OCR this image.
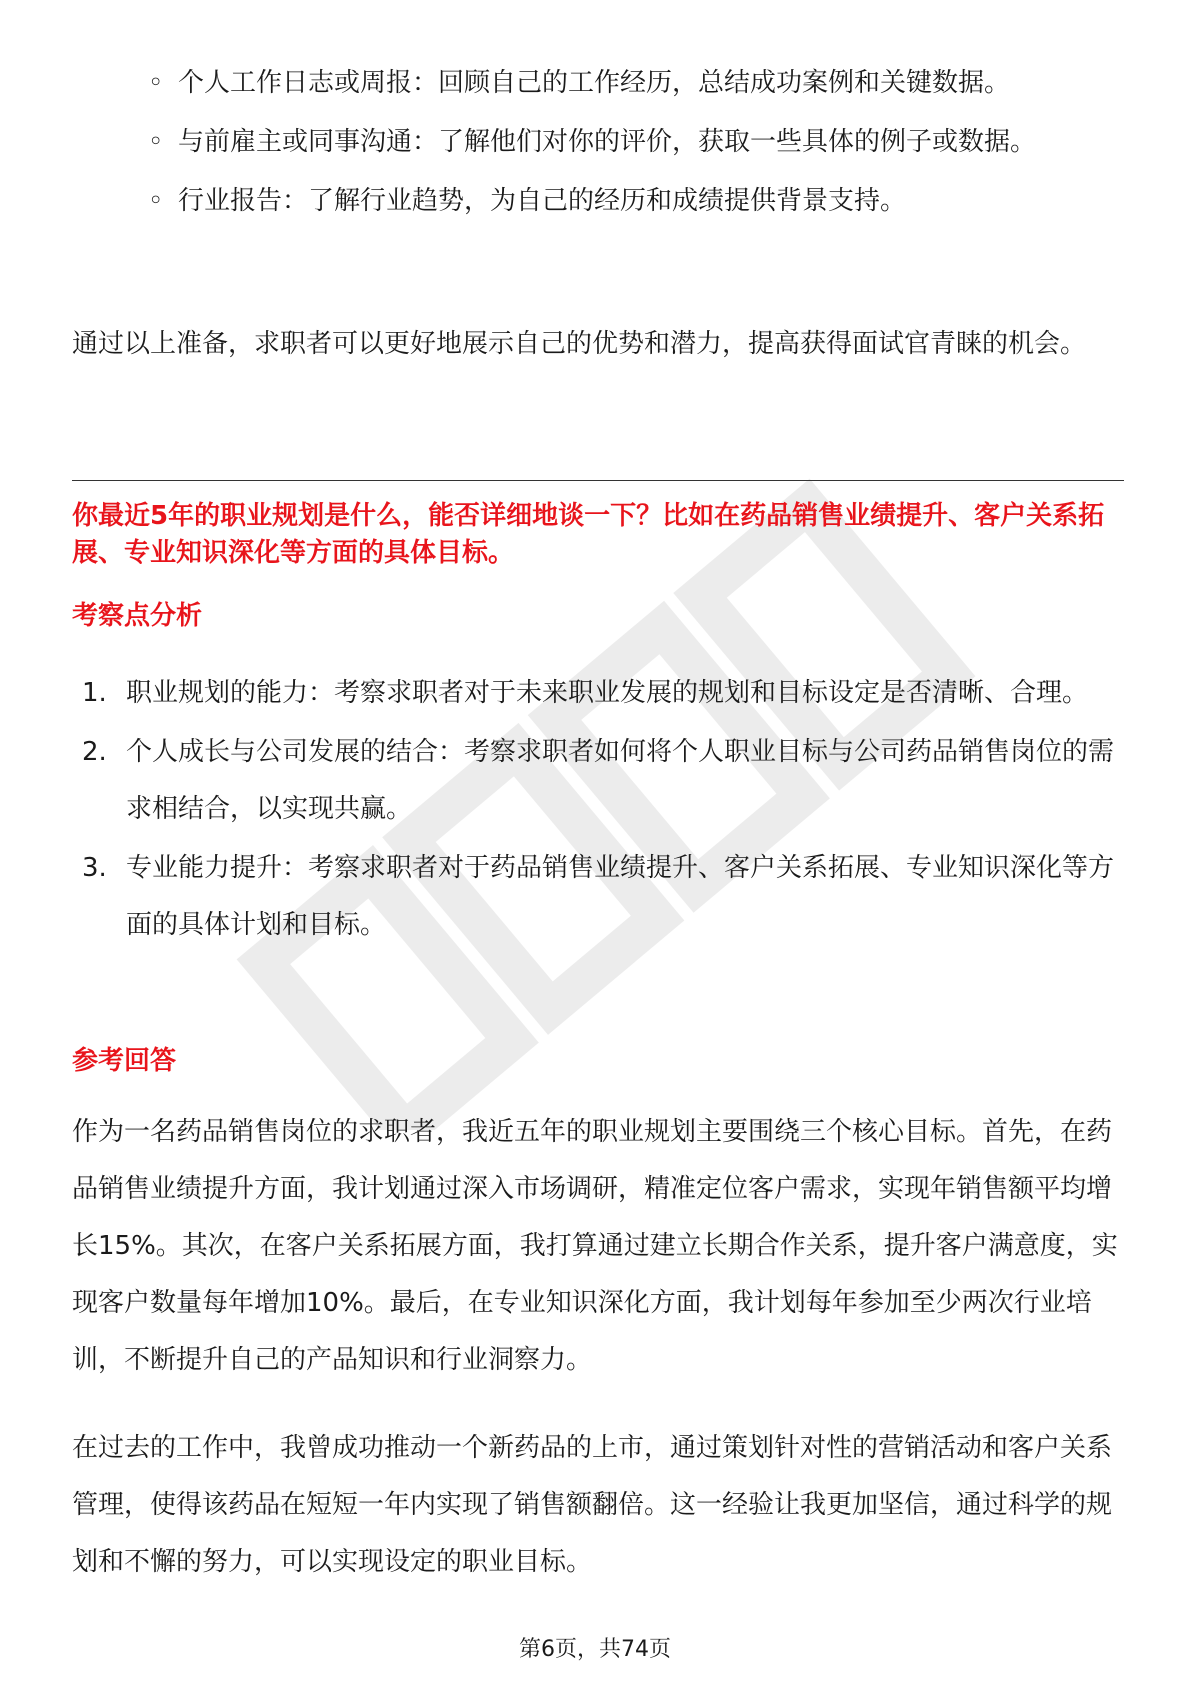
◦ 个人工作日志或周报：回顾自己的工作经历，总结成功案例和关键数据。
◦ 与前雇主或同事沟通：了解他们对你的评价，获取一些具体的例子或数据。
◦ 行业报告：了解行业趋势，为自己的经历和成绩提供背景支持。

通过以上准备，求职者可以更好地展示自己的优势和潜力，提高获得面试官青睐的机会。

你最近5年的职业规划是什么，能否详细地谈一下？比如在药品销售业绩提升、客户关系拓展、专业知识深化等方面的具体目标。

考察点分析

1. 职业规划的能力：考察求职者对于未来职业发展的规划和目标设定是否清晰、合理。
2. 个人成长与公司发展的结合：考察求职者如何将个人职业目标与公司药品销售岗位的需求相结合，以实现共赢。
3. 专业能力提升：考察求职者对于药品销售业绩提升、客户关系拓展、专业知识深化等方面的具体计划和目标。

参考回答

作为一名药品销售岗位的求职者，我近五年的职业规划主要围绕三个核心目标。首先，在药品销售业绩提升方面，我计划通过深入市场调研，精准定位客户需求，实现年销售额平均增长15%。其次，在客户关系拓展方面，我打算通过建立长期合作关系，提升客户满意度，实现客户数量每年增加10%。最后，在专业知识深化方面，我计划每年参加至少两次行业培训，不断提升自己的产品知识和行业洞察力。

在过去的工作中，我曾成功推动一个新药品的上市，通过策划针对性的营销活动和客户关系管理，使得该药品在短短一年内实现了销售额翻倍。这一经验让我更加坚信，通过科学的规划和不懈的努力，可以实现设定的职业目标。

第6页，共74页
